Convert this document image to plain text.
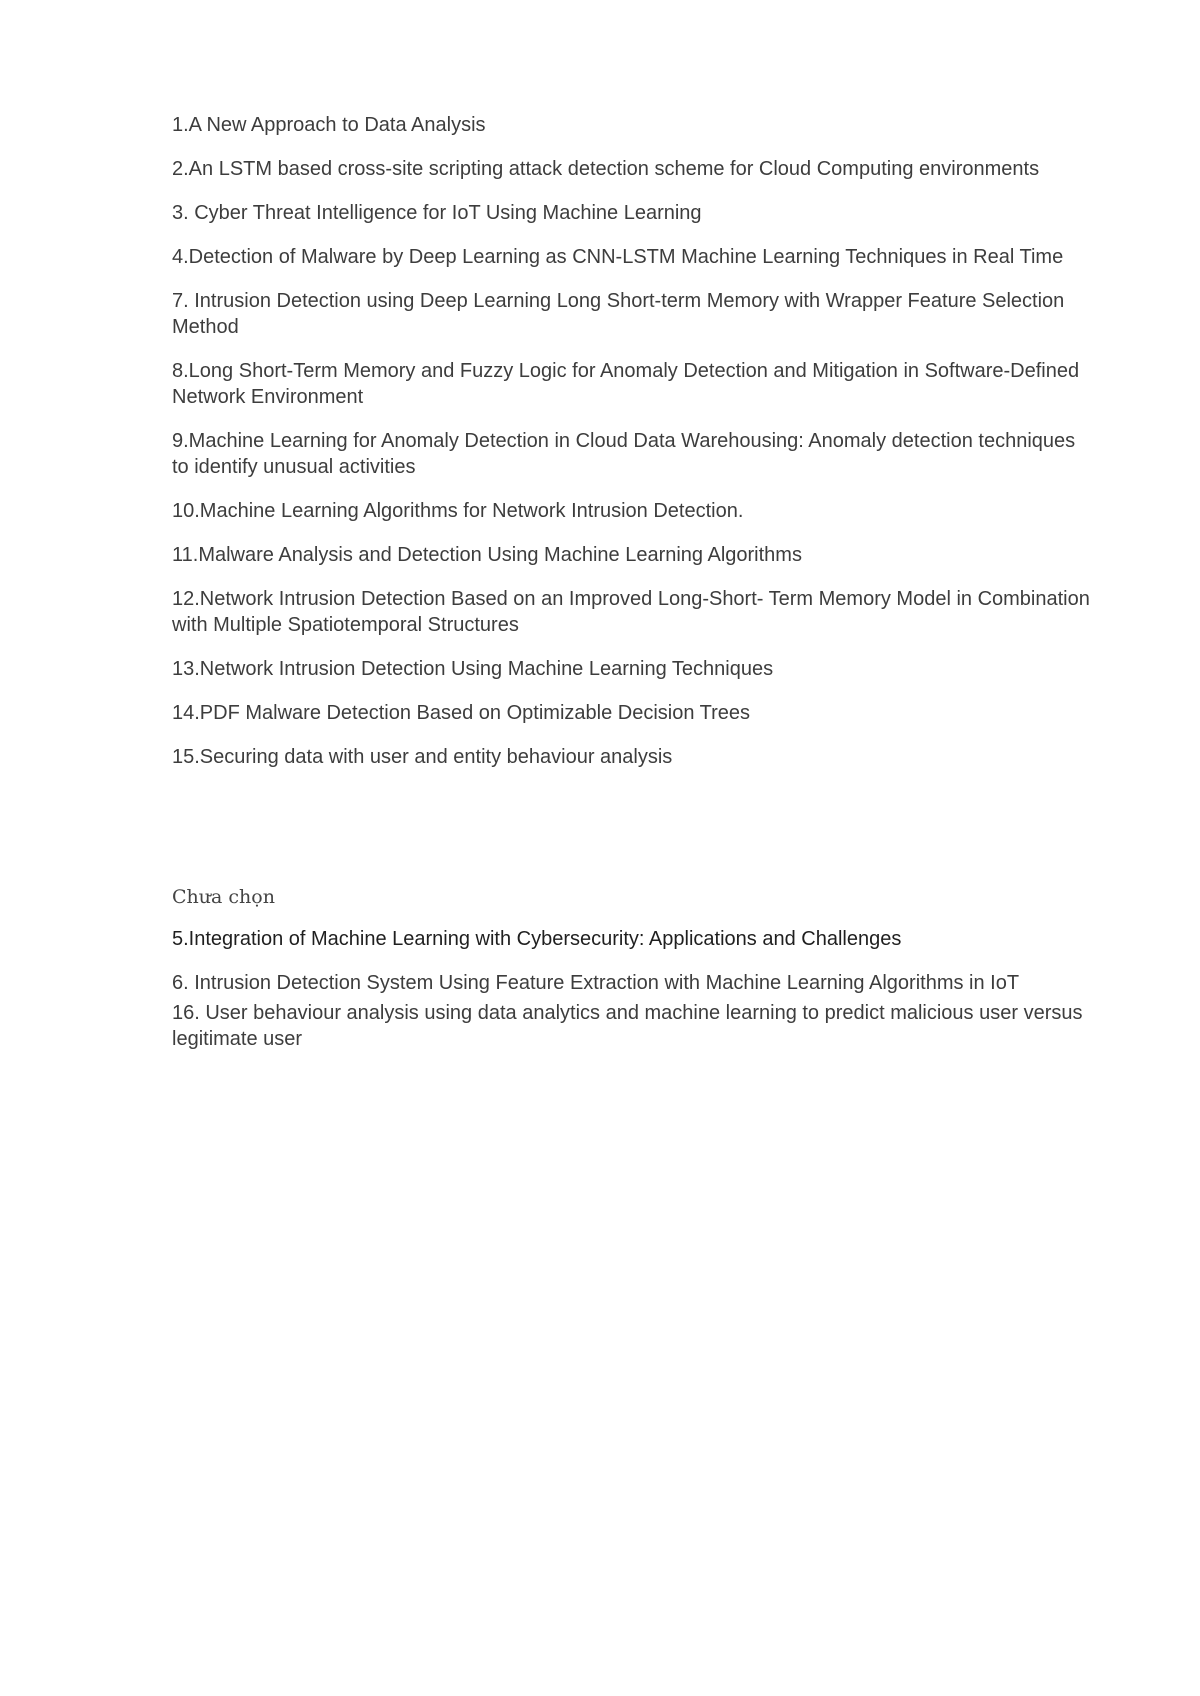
1.A New Approach to Data Analysis

2.An LSTM based cross-site scripting attack detection scheme for Cloud Computing environments

3. Cyber Threat Intelligence for IoT Using Machine Learning

4.Detection of Malware by Deep Learning as CNN-LSTM Machine Learning Techniques in Real Time

7. Intrusion Detection using Deep Learning Long Short-term Memory with Wrapper Feature Selection Method

8.Long Short-Term Memory and Fuzzy Logic for Anomaly Detection and Mitigation in Software-Defined Network Environment

9.Machine Learning for Anomaly Detection in Cloud Data Warehousing: Anomaly detection techniques to identify unusual activities

10.Machine Learning Algorithms for Network Intrusion Detection.

11.Malware Analysis and Detection Using Machine Learning Algorithms

12.Network Intrusion Detection Based on an Improved Long-Short- Term Memory Model in Combination with Multiple Spatiotemporal Structures

13.Network Intrusion Detection Using Machine Learning Techniques

14.PDF Malware Detection Based on Optimizable Decision Trees

15.Securing data with user and entity behaviour analysis

Chưa chọn

5.Integration of Machine Learning with Cybersecurity: Applications and Challenges

6. Intrusion Detection System Using Feature Extraction with Machine Learning Algorithms in IoT

16. User behaviour analysis using data analytics and machine learning to predict malicious user versus legitimate user
